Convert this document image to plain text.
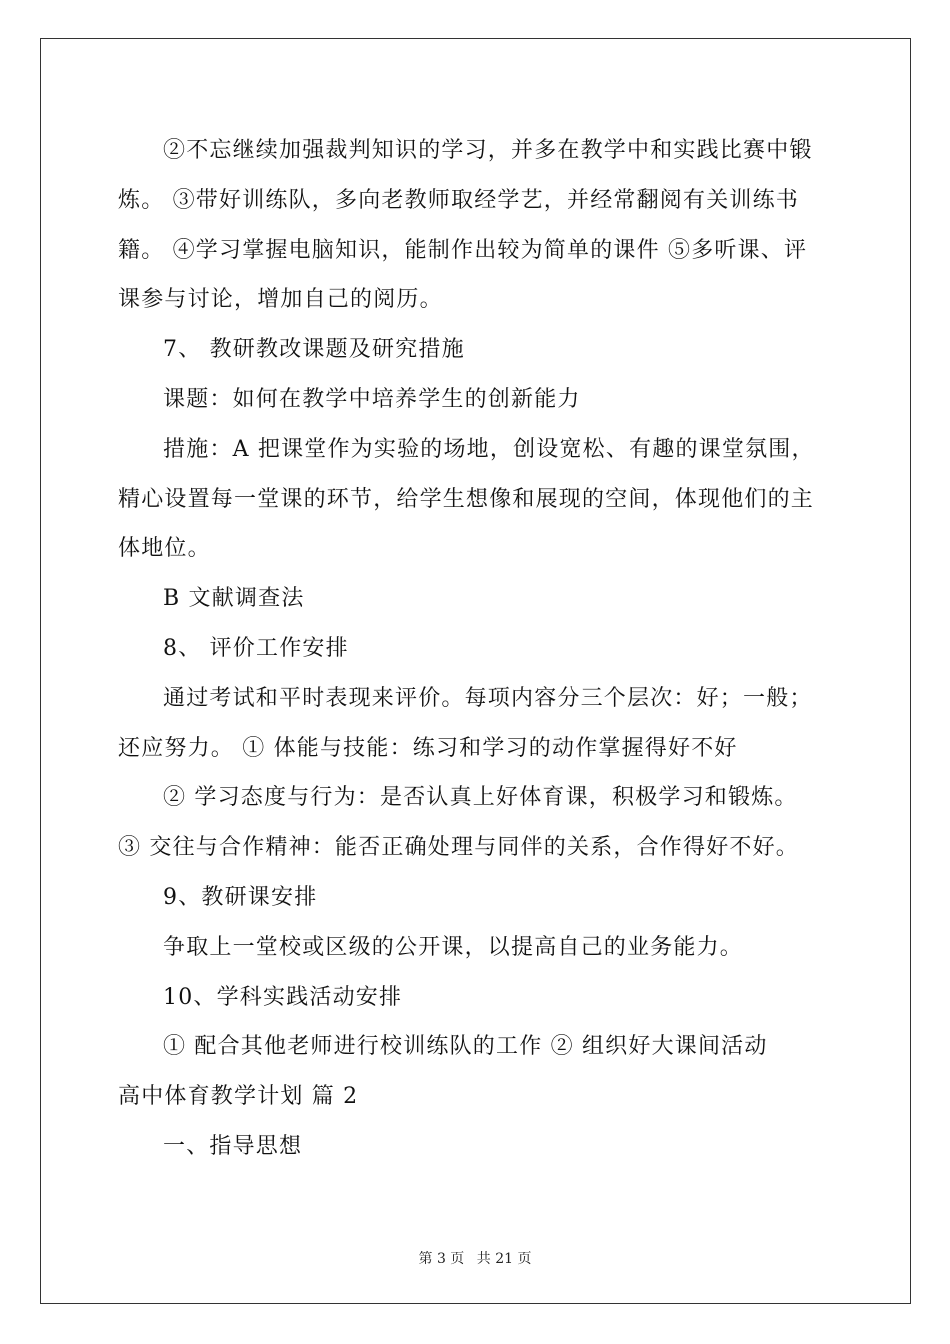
②不忘继续加强裁判知识的学习，并多在教学中和实践比赛中锻
炼。 ③带好训练队，多向老教师取经学艺，并经常翻阅有关训练书
籍。 ④学习掌握电脑知识，能制作出较为简单的课件 ⑤多听课、评
课参与讨论，增加自己的阅历。
7、 教研教改课题及研究措施
课题：如何在教学中培养学生的创新能力
措施：A 把课堂作为实验的场地，创设宽松、有趣的课堂氛围，
精心设置每一堂课的环节，给学生想像和展现的空间，体现他们的主
体地位。
B 文献调查法
8、 评价工作安排
通过考试和平时表现来评价。每项内容分三个层次：好；一般；
还应努力。 ① 体能与技能：练习和学习的动作掌握得好不好
② 学习态度与行为：是否认真上好体育课，积极学习和锻炼。
③ 交往与合作精神：能否正确处理与同伴的关系，合作得好不好。
9、教研课安排
争取上一堂校或区级的公开课，以提高自己的业务能力。
10、学科实践活动安排
① 配合其他老师进行校训练队的工作 ② 组织好大课间活动
高中体育教学计划 篇 2
一、指导思想
第 3 页 共 21 页
